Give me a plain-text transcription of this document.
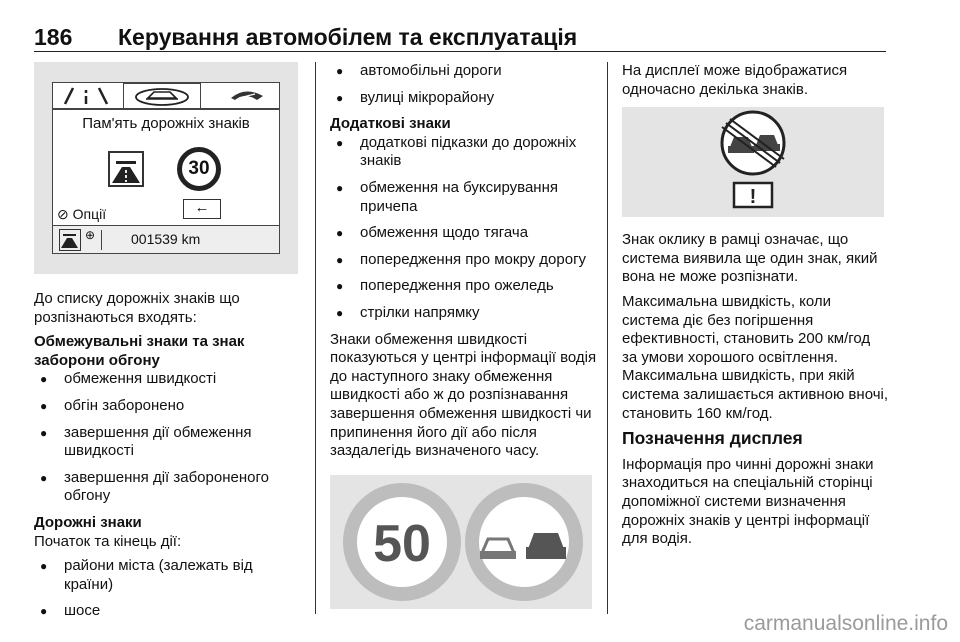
186 Керування автомобілем та експлуатація
Пам'ять дорожніх знаків
30
⊘ Опції	←
⊕	001539 km

До списку дорожніх знаків що розпізнаються входять:

Обмежувальні знаки та знак заборони обгону

● обмеження швидкості
● обгін заборонено
● завершення дії обмеження швидкості
● завершення дії забороненого обгону

Дорожні знаки

Початок та кінець дії:

● райони міста (залежать від країни)
● шосе
● автомобільні дороги
● вулиці мікрорайону

Додаткові знаки

● додаткові підказки до дорожніх знаків
● обмеження на буксирування причепа
● обмеження щодо тягача
● попередження про мокру дорогу
● попередження про ожеледь
● стрілки напрямку

Знаки обмеження швидкості показуються у центрі інформації водія до наступного знаку обмеження швидкості або ж до розпізнавання завершення обмеження швидкості чи припинення його дії або після заздалегідь визначеного часу.

50

На дисплеї може відображатися одночасно декілька знаків.

!

Знак оклику в рамці означає, що система виявила ще один знак, який вона не може розпізнати.

Максимальна швидкість, коли система діє без погіршення ефективності, становить 200 км/год за умови хорошого освітлення. Максимальна швидкість, при якій система залишається активною вночі, становить 160 км/год.

Позначення дисплея

Інформація про чинні дорожні знаки знаходиться на спеціальній сторінці допоміжної системи визначення дорожніх знаків у центрі інформації для водія.

carmanualsonline.info
